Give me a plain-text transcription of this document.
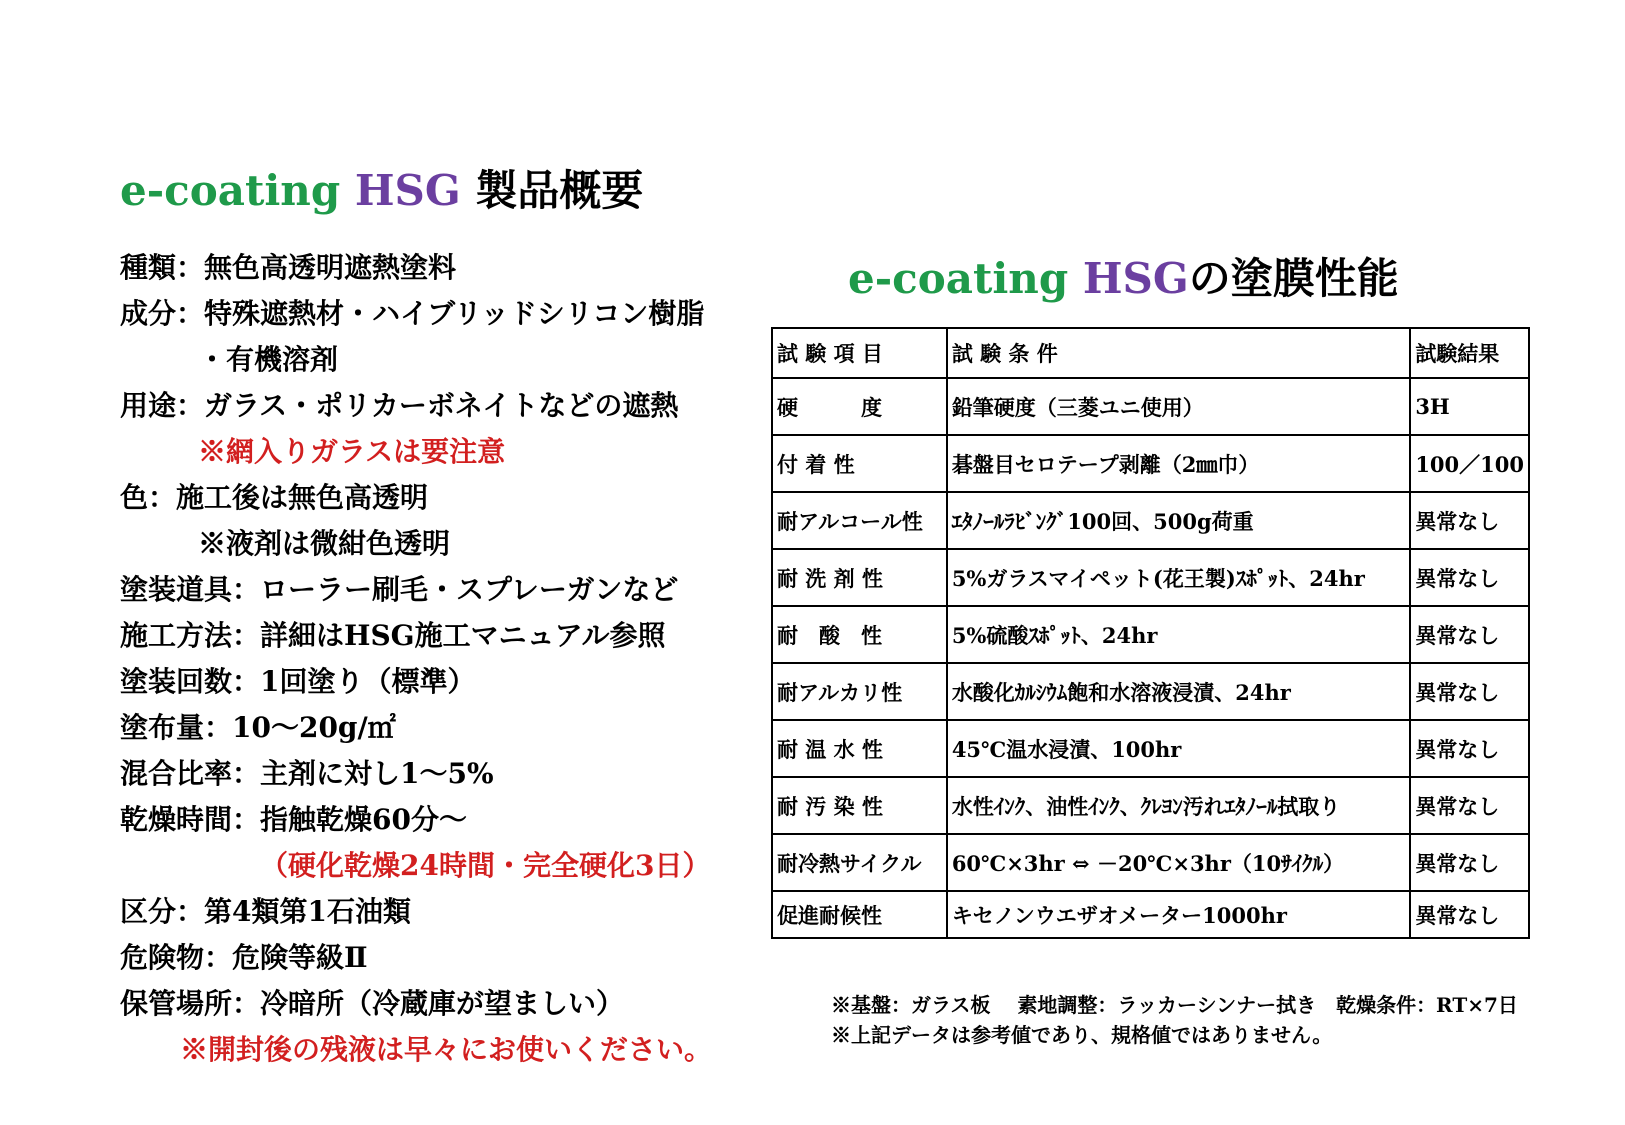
e-coating HSG 製品概要
種類：無色高透明遮熱塗料
成分：特殊遮熱材・ハイブリッドシリコン樹脂
・有機溶剤
用途：ガラス・ポリカーボネイトなどの遮熱
※網入りガラスは要注意
色：施工後は無色高透明
※液剤は微紺色透明
塗装道具：ローラー刷毛・スプレーガンなど
施工方法：詳細はHSG施工マニュアル参照
塗装回数：1回塗り（標準）
塗布量：10～20g/㎡
混合比率：主剤に対し1～5%
乾燥時間：指触乾燥60分～
（硬化乾燥24時間・完全硬化3日）
区分：第4類第1石油類
危険物：危険等級Ⅱ
保管場所：冷暗所（冷蔵庫が望ましい）
※開封後の残液は早々にお使いください。
e-coating HSGの塗膜性能
試 験 項 目	試 験 条 件	試験結果
硬　　　度	鉛筆硬度（三菱ユニ使用）	3H
付 着 性	碁盤目セロテープ剥離（2㎜巾）	100／100
耐アルコール性	ｴﾀﾉｰﾙﾗﾋﾞﾝｸﾞ100回、500g荷重	異常なし
耐 洗 剤 性	5%ガラスマイペット(花王製)ｽﾎﾟｯﾄ、24hr	異常なし
耐　酸　性	5%硫酸ｽﾎﾟｯﾄ、24hr	異常なし
耐アルカリ性	水酸化ｶﾙｼｳﾑ飽和水溶液浸漬、24hr	異常なし
耐 温 水 性	45℃温水浸漬、100hr	異常なし
耐 汚 染 性	水性ｲﾝｸ、油性ｲﾝｸ、ｸﾚﾖﾝ汚れｴﾀﾉｰﾙ拭取り	異常なし
耐冷熱サイクル	60℃×3hr ⇔ －20℃×3hr（10ｻｲｸﾙ）	異常なし
促進耐候性	キセノンウエザオメーター1000hr	異常なし
※基盤：ガラス板　 素地調整：ラッカーシンナー拭き　乾燥条件：RT×7日
※上記データは参考値であり、規格値ではありません。
